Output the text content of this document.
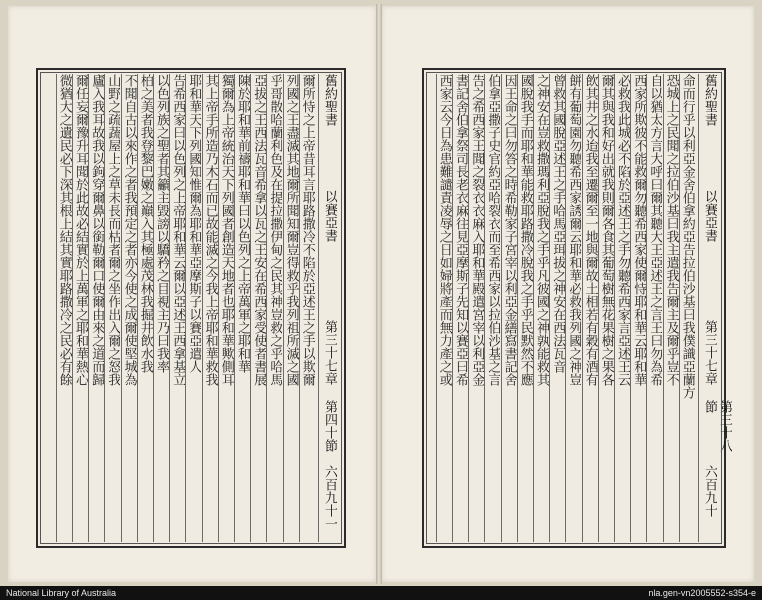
舊約聖書
以賽亞書
第三十七章
第四十節
六百九十一
爾所恃之上帝昔耳言耶路撒冷不陷於亞述王之手以欺爾
列國之王盡滅其地爾所聞知爾豈得救乎我列祖所滅之國
乎哥散哈蘭利色及在提拉撒伊甸之民其神豈救之乎哈馬
亞拔之王西法瓦音希拿以瓦之王安在希西家受使者書展
陳於耶和華前禱耶和華曰以色列之上帝萬軍之耶和華
獨爾為上帝統治天下列國者創造天地者也耶和華歟側耳
其上帝手所造乃木石而已故能滅之今我上帝耶和華救我
耶和華天下列國知惟爾為耶和華亞摩斯子以賽亞遣人
告希西家曰以色列之上帝耶和華云爾以亞述王西拿基立
以色列族之聖者其籲主毀謗以驕矜之目視主乃曰我率
柏之美者我登黎巴嫩之巔入其極處茂林我掘井飲水我
不聞自古以來作之者我預定之者亦今使之成爾使堅城為
山野之疏蔬屋上之草未長而枯者爾之坐作出入爾之怒我
廬入我耳故我以鉤穿爾鼻以銜勒爾口使爾由來之道而歸
爾任妄爾豫升耳聞於此故必結實於上萬軍之耶和華熱心
微猶大之遺民必下深其根上結其實耶路撒冷之民必有餘	舊約聖書
以賽亞書
第三十七章
第三十八節
六百九十
命而行乎以利亞金舍伯拿約亞告拉伯沙基曰我僕識亞蘭方
恐城上之民聞之拉伯沙基曰我主遣我告爾主及爾乎豈不
自以猶太方言大呼曰爾其聽大王亞述王之言王曰勿為希
西家所欺彼不能救爾勿聽希西家使爾恃耶和華云耶和華
必救我此城必不陷於亞述王之手勿聽希西家言亞述王云
爾其與我和好出就我則爾各食其葡萄樹無花果樹之果各
飲其井之水迨我至遷爾至一地與爾故土相若有穀有酒有
餅有葡萄園勿聽希西家誘爾云耶和華必救我列國之神豈
曾救其國脫亞述王之手哈馬亞珥拔之神安在西法瓦音
之神安在豈救撒瑪利亞脫我之手乎凡彼國之神孰能救其
國脫我手而耶和華能救耶路撒冷脫我之手乎民默然不應
因王命之曰勿答之時希勒家子宮宰以利亞金繕寫書記舍
伯拿亞撒子史官約亞哈裂衣而至希西家以拉伯沙基之言
告之希西家王聞之裂衣衣麻入耶和華殿遣宮宰以利亞金
書記舍伯拿祭司長老衣麻往見亞摩斯子先知以賽亞曰希
西家云今日為患難譴責凌辱之日如婦將產而無力產之或
National Library of Australia	nla.gen-vn2005552-s354-e
